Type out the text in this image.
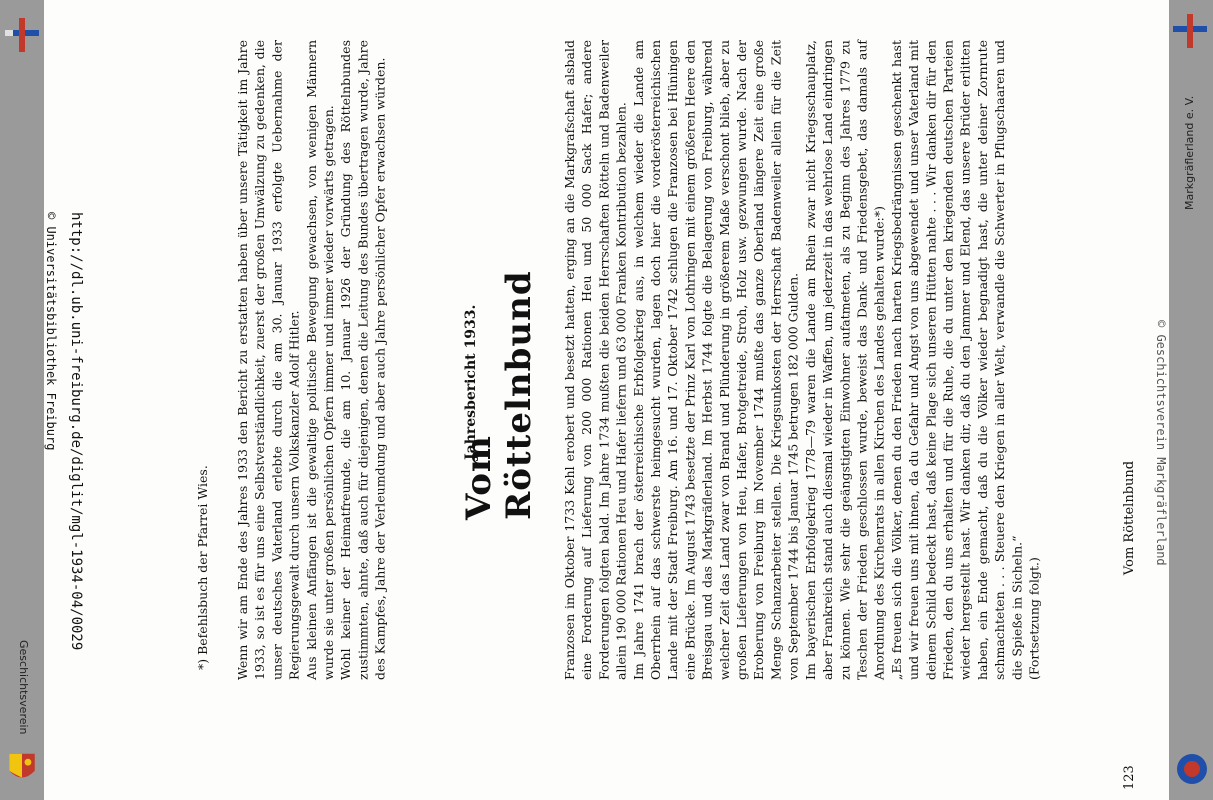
Geschichtsverein
Markgräflerland e. V.
http://dl.ub.uni-freiburg.de/diglit/mgl-1934-04/0029
© Universitätsbibliothek Freiburg	© Geschichtsverein Markgräflerland
123                                              Vom Röttelnbund

Franzosen im Oktober 1733 Kehl erobert und besetzt hatten, erging an die Markgrafschaft alsbald eine Forderung auf Lieferung von 200 000 Rationen Heu und 50 000 Sack Hafer; andere Forderungen folgten bald. Im Jahre 1734 mußten die beiden Herrschaften Rötteln und Badenweiler allein 190 000 Rationen Heu und Hafer liefern und 63 000 Franken Kontribution bezahlen. Im Jahre 1741 brach der österreichische Erbfolgekrieg aus, in welchem wieder die Lande am Oberrhein auf das schwerste heimgesucht wurden, lagen doch hier die vorderösterreichischen Lande mit der Stadt Freiburg. Am 16. und 17. Oktober 1742 schlugen die Franzosen bei Hüningen eine Brücke. Im August 1743 besetzte der Prinz Karl von Lothringen mit einem größeren Heere den Breisgau und das Markgräflerland. Im Herbst 1744 folgte die Belagerung von Freiburg, während welcher Zeit das Land zwar von Brand und Plünderung in größerem Maße verschont blieb, aber zu großen Lieferungen von Heu, Hafer, Brotgetreide, Stroh, Holz usw. gezwungen wurde. Nach der Eroberung von Freiburg im November 1744 mußte das ganze Oberland längere Zeit eine große Menge Schanzarbeiter stellen. Die Kriegsunkosten der Herrschaft Badenweiler allein für die Zeit von September 1744 bis Januar 1745 betrugen 182 000 Gulden. Im bayerischen Erbfolgekrieg 1778—79 waren die Lande am Rhein zwar nicht Kriegsschauplatz, aber Frankreich stand auch diesmal wieder in Waffen, um jederzeit in das wehrlose Land eindringen zu können. Wie sehr die geängstigten Einwohner aufatmeten, als zu Beginn des Jahres 1779 zu Teschen der Frieden geschlossen wurde, beweist das Dank- und Friedensgebet, das damals auf Anordnung des Kirchenrats in allen Kirchen des Landes gehalten wurde:*) „Es freuen sich die Völker, denen du den Frieden nach harten Kriegsbedrängnissen geschenkt hast und wir freuen uns mit ihnen, da du Gefahr und Angst von uns abgewendet und unser Vaterland mit deinem Schild bedeckt hast, daß keine Plage sich unseren Hütten nahte . . . Wir danken dir für den Frieden, den du uns erhalten und für die Ruhe, die du unter den kriegenden deutschen Parteien wieder hergestellt hast. Wir danken dir, daß du den Jammer und Elend, das unsere Brüder erlitten haben, ein Ende gemacht, daß du die Völker wieder begnadigt hast, die unter deiner Zornrute schmachteten . . . Steuere den Kriegen in aller Welt, verwandle die Schwerter in Pflugschaaren und die Spieße in Sicheln.“ (Fortsetzung folgt.)

Vom Röttelnbund
Jahresbericht 1933.

Wenn wir am Ende des Jahres 1933 den Bericht zu erstatten haben über unsere Tätigkeit im Jahre 1933, so ist es für uns eine Selbstverständlichkeit, zuerst der großen Umwälzung zu gedenken, die unser deutsches Vaterland erlebte durch die am 30. Januar 1933 erfolgte Uebernahme der Regierungsgewalt durch unsern Volkskanzler Adolf Hitler. Aus kleinen Anfängen ist die gewaltige politische Bewegung gewachsen, von wenigen Männern wurde sie unter großen persönlichen Opfern immer und immer wieder vorwärts getragen. Wohl keiner der Heimatfreunde, die am 10. Januar 1926 der Gründung des Röttelnbundes zustimmten, ahnte, daß auch für diejenigen, denen die Leitung des Bundes übertragen wurde, Jahre des Kampfes, Jahre der Verleumdung und aber auch Jahre persönlicher Opfer erwachsen würden.

*) Befehlsbuch der Pfarrei Wies.
